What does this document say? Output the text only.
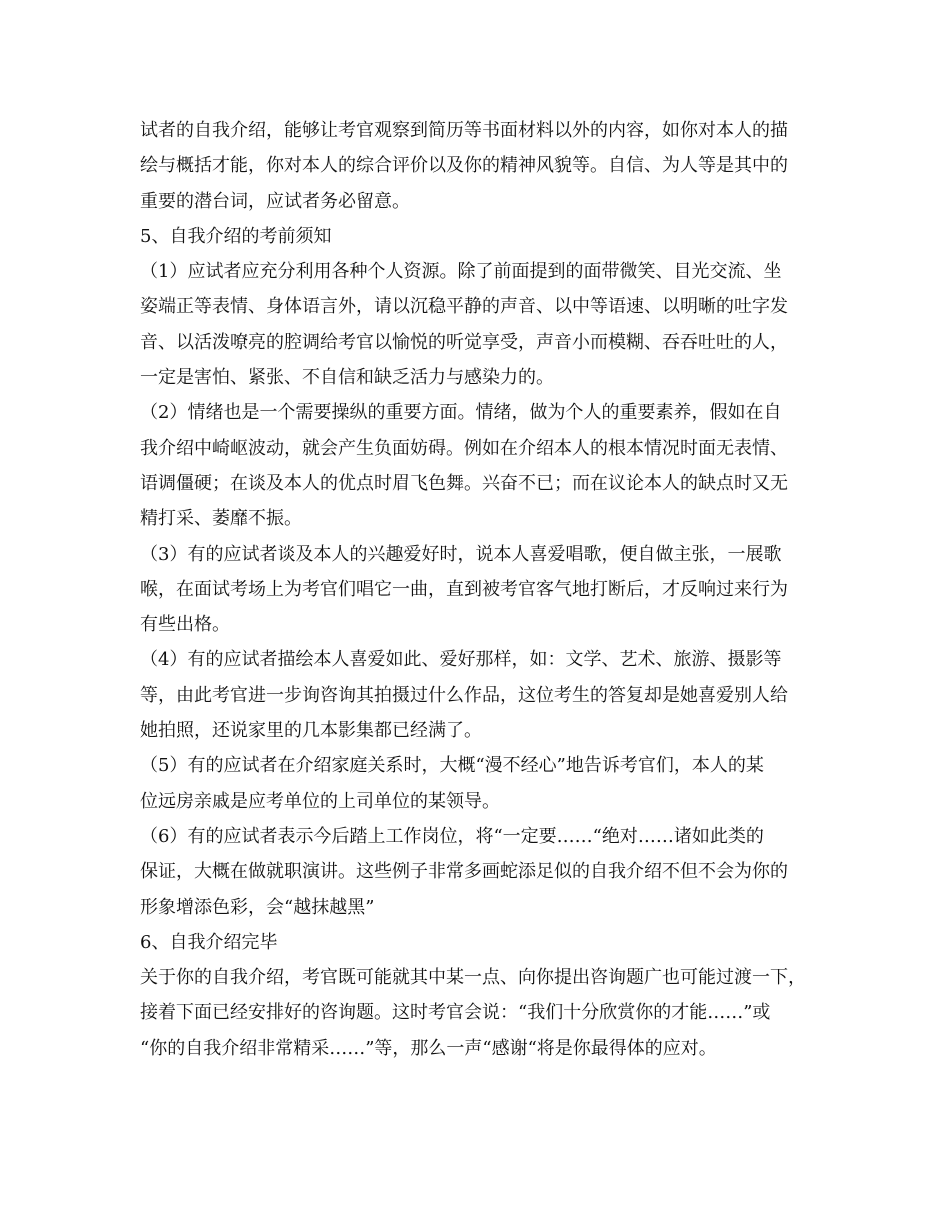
试者的自我介绍，能够让考官观察到简历等书面材料以外的内容，如你对本人的描
绘与概括才能，你对本人的综合评价以及你的精神风貌等。自信、为人等是其中的
重要的潜台词，应试者务必留意。
5、自我介绍的考前须知
（1）应试者应充分利用各种个人资源。除了前面提到的面带微笑、目光交流、坐
姿端正等表情、身体语言外，请以沉稳平静的声音、以中等语速、以明晰的吐字发
音、以活泼嘹亮的腔调给考官以愉悦的听觉享受，声音小而模糊、吞吞吐吐的人，
一定是害怕、紧张、不自信和缺乏活力与感染力的。
（2）情绪也是一个需要操纵的重要方面。情绪，做为个人的重要素养，假如在自
我介绍中崎岖波动，就会产生负面妨碍。例如在介绍本人的根本情况时面无表情、
语调僵硬；在谈及本人的优点时眉飞色舞。兴奋不已；而在议论本人的缺点时又无
精打采、萎靡不振。
（3）有的应试者谈及本人的兴趣爱好时，说本人喜爱唱歌，便自做主张，一展歌
喉，在面试考场上为考官们唱它一曲，直到被考官客气地打断后，才反响过来行为
有些出格。
（4）有的应试者描绘本人喜爱如此、爱好那样，如：文学、艺术、旅游、摄影等
等，由此考官进一步询咨询其拍摄过什么作品，这位考生的答复却是她喜爱别人给
她拍照，还说家里的几本影集都已经满了。
（5）有的应试者在介绍家庭关系时，大概“漫不经心”地告诉考官们，本人的某
位远房亲戚是应考单位的上司单位的某领导。
（6）有的应试者表示今后踏上工作岗位，将“一定要……“绝对……诸如此类的
保证，大概在做就职演讲。这些例子非常多画蛇添足似的自我介绍不但不会为你的
形象增添色彩，会“越抹越黑”
6、自我介绍完毕
关于你的自我介绍，考官既可能就其中某一点、向你提出咨询题广也可能过渡一下，
接着下面已经安排好的咨询题。这时考官会说：“我们十分欣赏你的才能……”或
“你的自我介绍非常精采……”等，那么一声“感谢“将是你最得体的应对。
